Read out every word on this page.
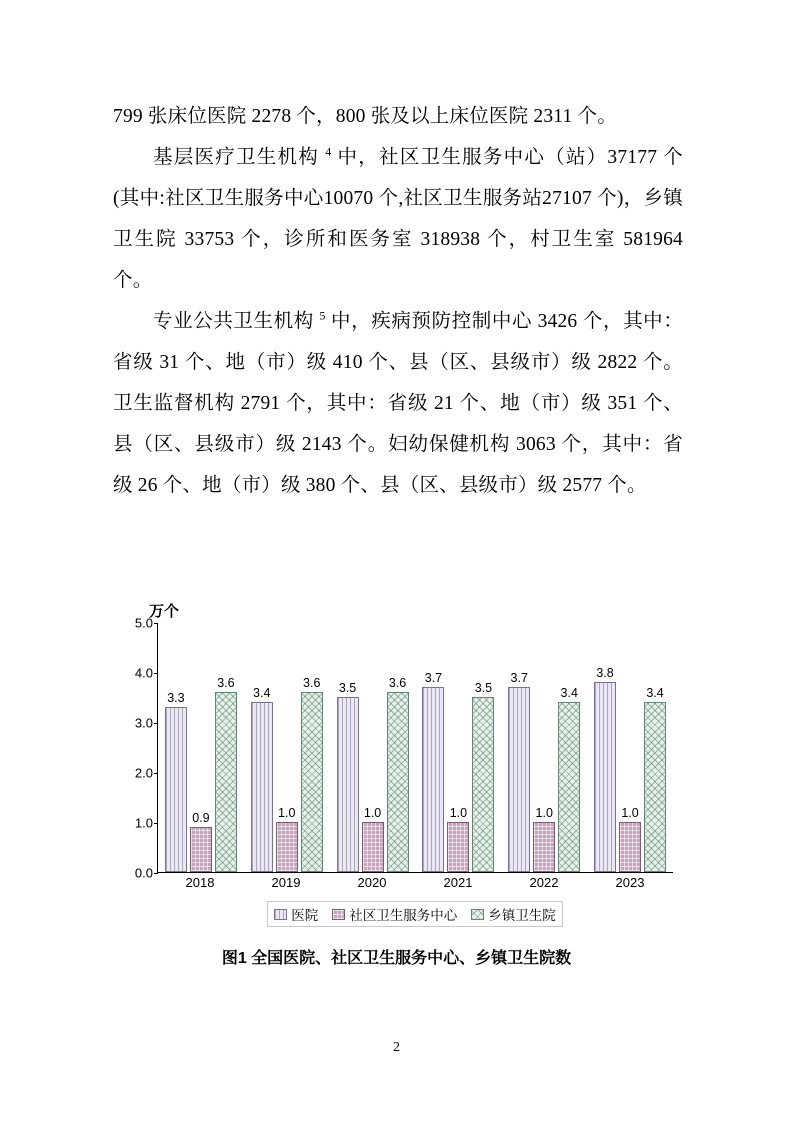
799 张床位医院 2278 个，800 张及以上床位医院 2311 个。

基层医疗卫生机构 $^4$ 中，社区卫生服务中心（站）37177 个(其中:社区卫生服务中心10070 个,社区卫生服务站27107 个)，乡镇卫生院 33753 个，诊所和医务室 318938 个，村卫生室 581964 个。

专业公共卫生机构 $^5$ 中，疾病预防控制中心 3426 个，其中：省级 31 个、地（市）级 410 个、县（区、县级市）级 2822 个。卫生监督机构 2791 个，其中：省级 21 个、地（市）级 351 个、县（区、县级市）级 2143 个。妇幼保健机构 3063 个，其中：省级 26 个、地（市）级 380 个、县（区、县级市）级 2577 个。

万个
0.0
1.0
2.0
3.0
4.0
5.0
3.3
0.9
3.6
3.4
1.0
3.6 3.5
1.0
3.6 3.7
1.0
3.5
3.7
1.0
3.4
3.8
1.0
3.4
2018	2019	2020	2021	2022	2023
医院 社区卫生服务中心 乡镇卫生院
图1 全国医院、社区卫生服务中心、乡镇卫生院数
2
